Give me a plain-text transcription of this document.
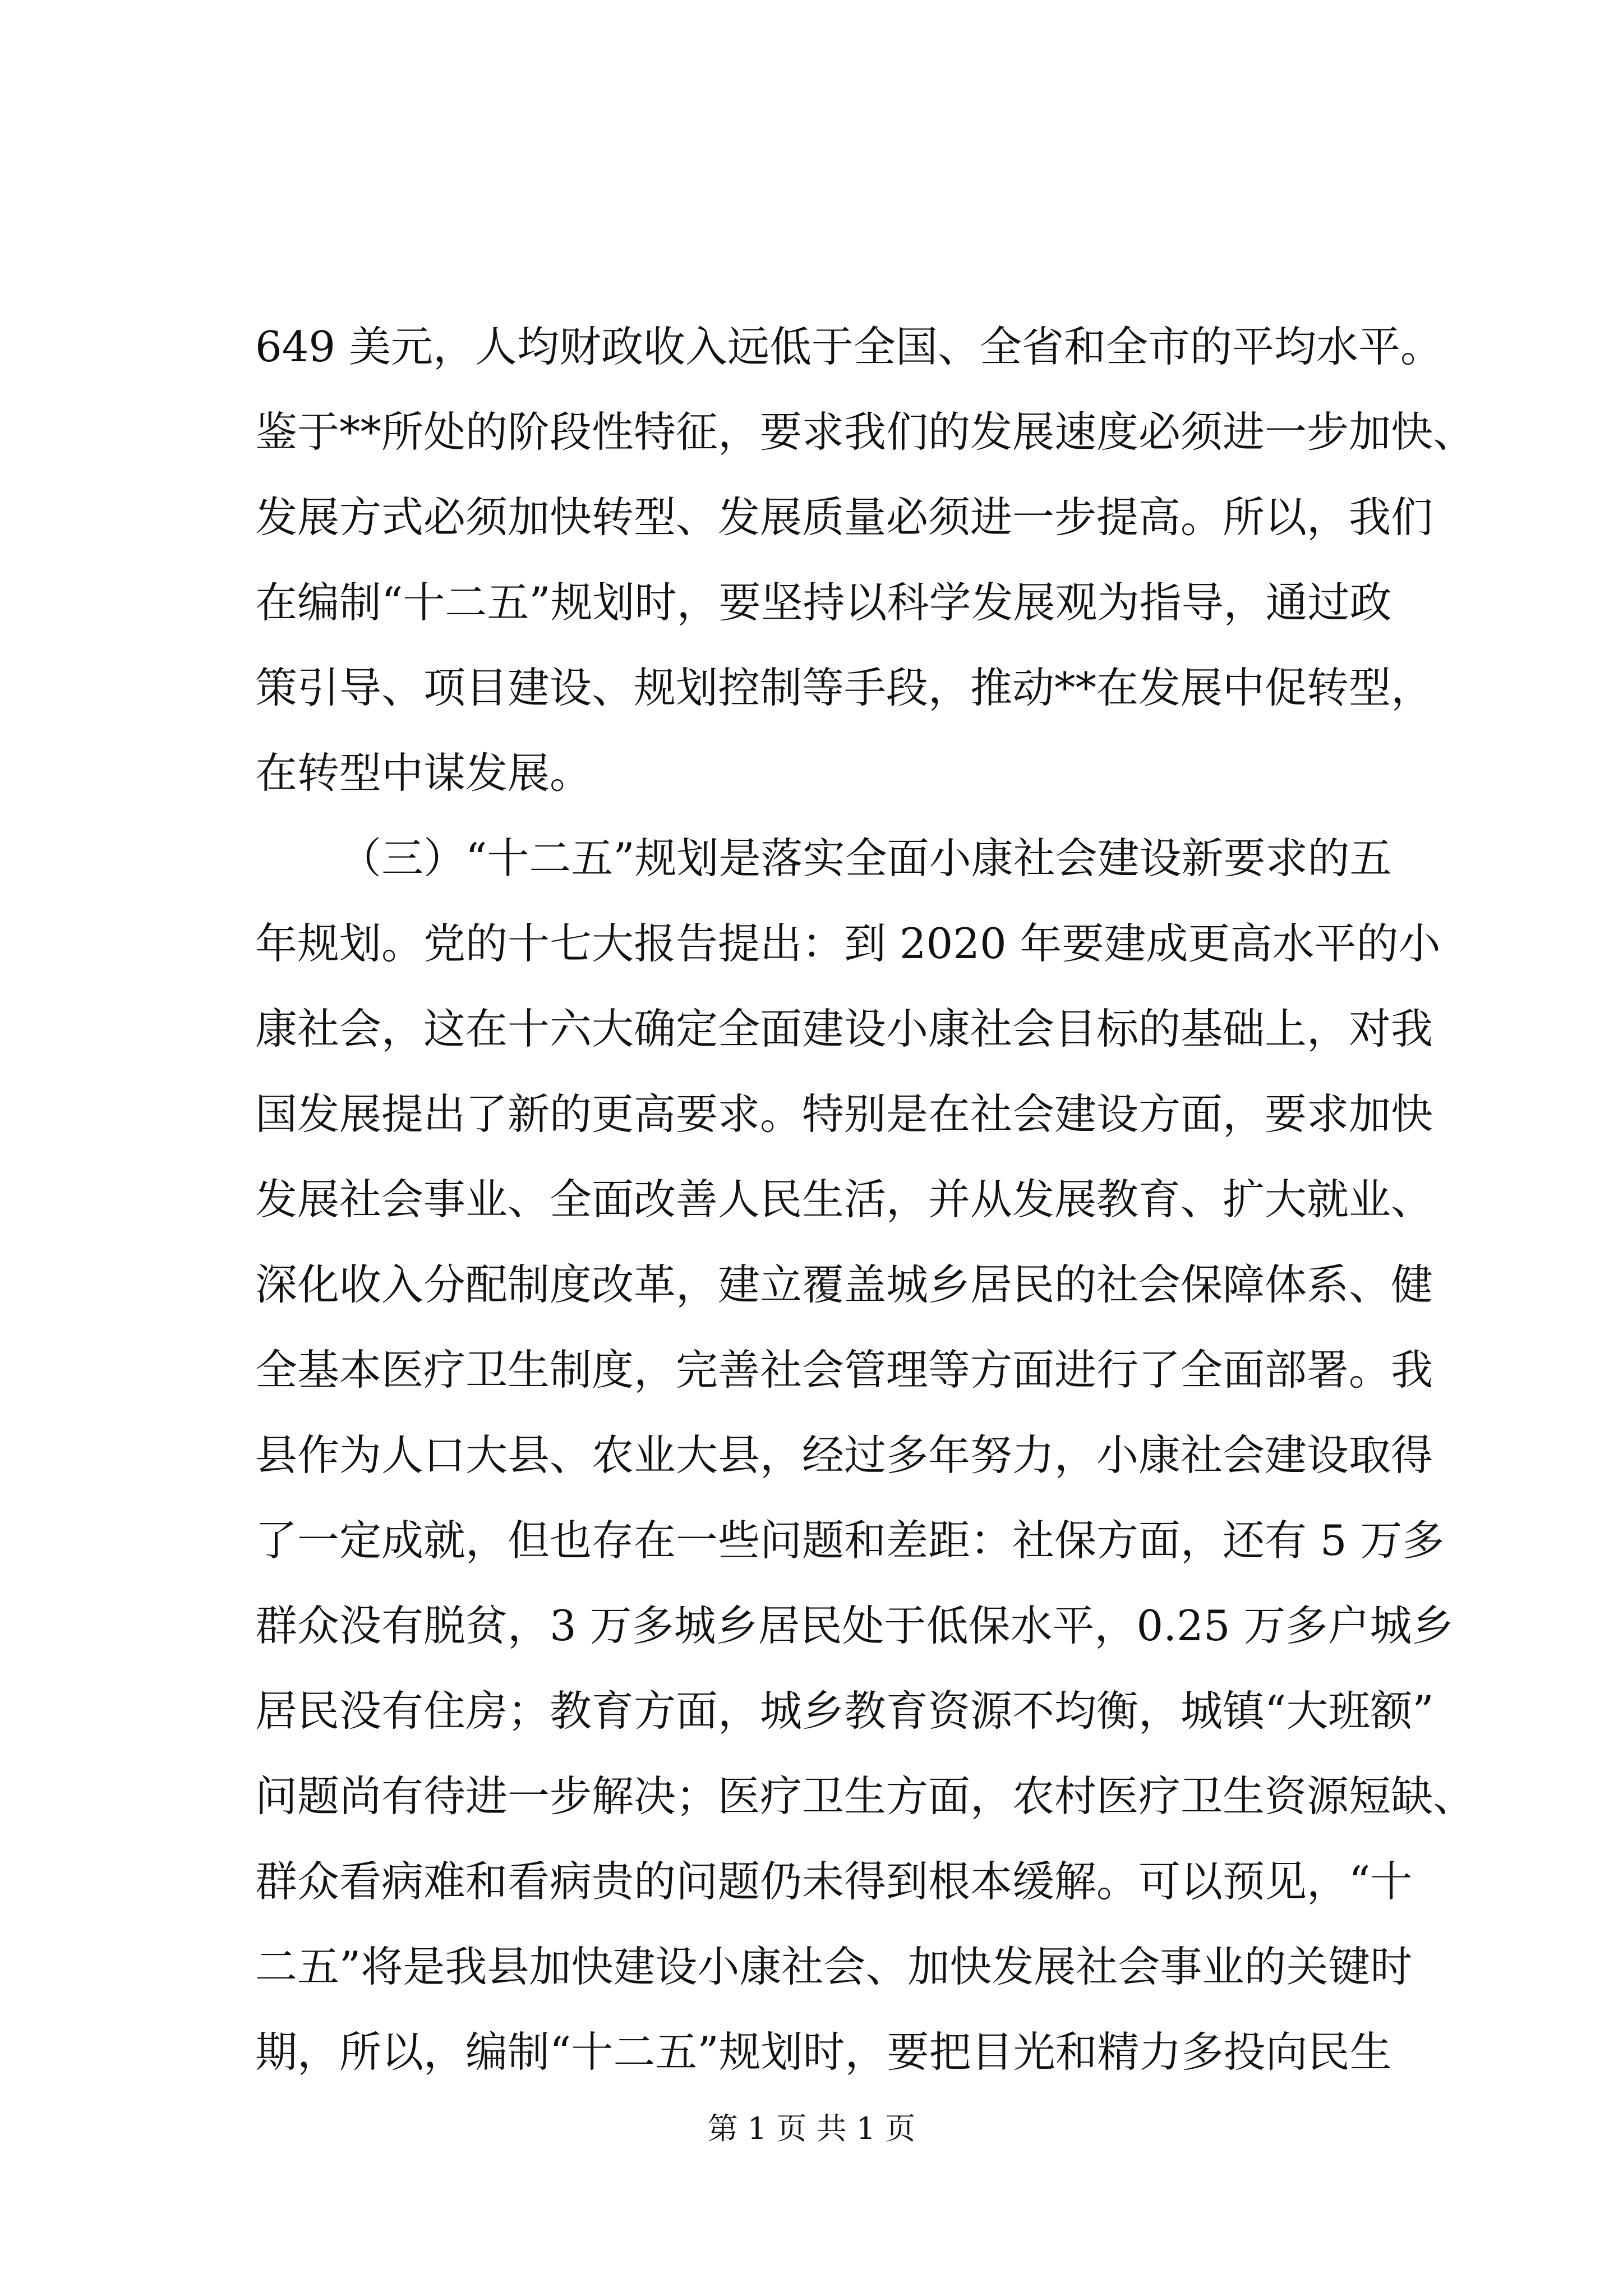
649 美元，人均财政收入远低于全国、全省和全市的平均水平。
鉴于**所处的阶段性特征，要求我们的发展速度必须进一步加快、
发展方式必须加快转型、发展质量必须进一步提高。所以，我们
在编制“十二五”规划时，要坚持以科学发展观为指导，通过政
策引导、项目建设、规划控制等手段，推动**在发展中促转型，
在转型中谋发展。
（三）“十二五”规划是落实全面小康社会建设新要求的五
年规划。党的十七大报告提出：到 2020 年要建成更高水平的小
康社会，这在十六大确定全面建设小康社会目标的基础上，对我
国发展提出了新的更高要求。特别是在社会建设方面，要求加快
发展社会事业、全面改善人民生活，并从发展教育、扩大就业、
深化收入分配制度改革，建立覆盖城乡居民的社会保障体系、健
全基本医疗卫生制度，完善社会管理等方面进行了全面部署。我
县作为人口大县、农业大县，经过多年努力，小康社会建设取得
了一定成就，但也存在一些问题和差距：社保方面，还有 5 万多
群众没有脱贫，3 万多城乡居民处于低保水平，0.25 万多户城乡
居民没有住房；教育方面，城乡教育资源不均衡，城镇“大班额”
问题尚有待进一步解决；医疗卫生方面，农村医疗卫生资源短缺、
群众看病难和看病贵的问题仍未得到根本缓解。可以预见，“十
二五”将是我县加快建设小康社会、加快发展社会事业的关键时
期，所以，编制“十二五”规划时，要把目光和精力多投向民生
第 1 页 共 1 页
